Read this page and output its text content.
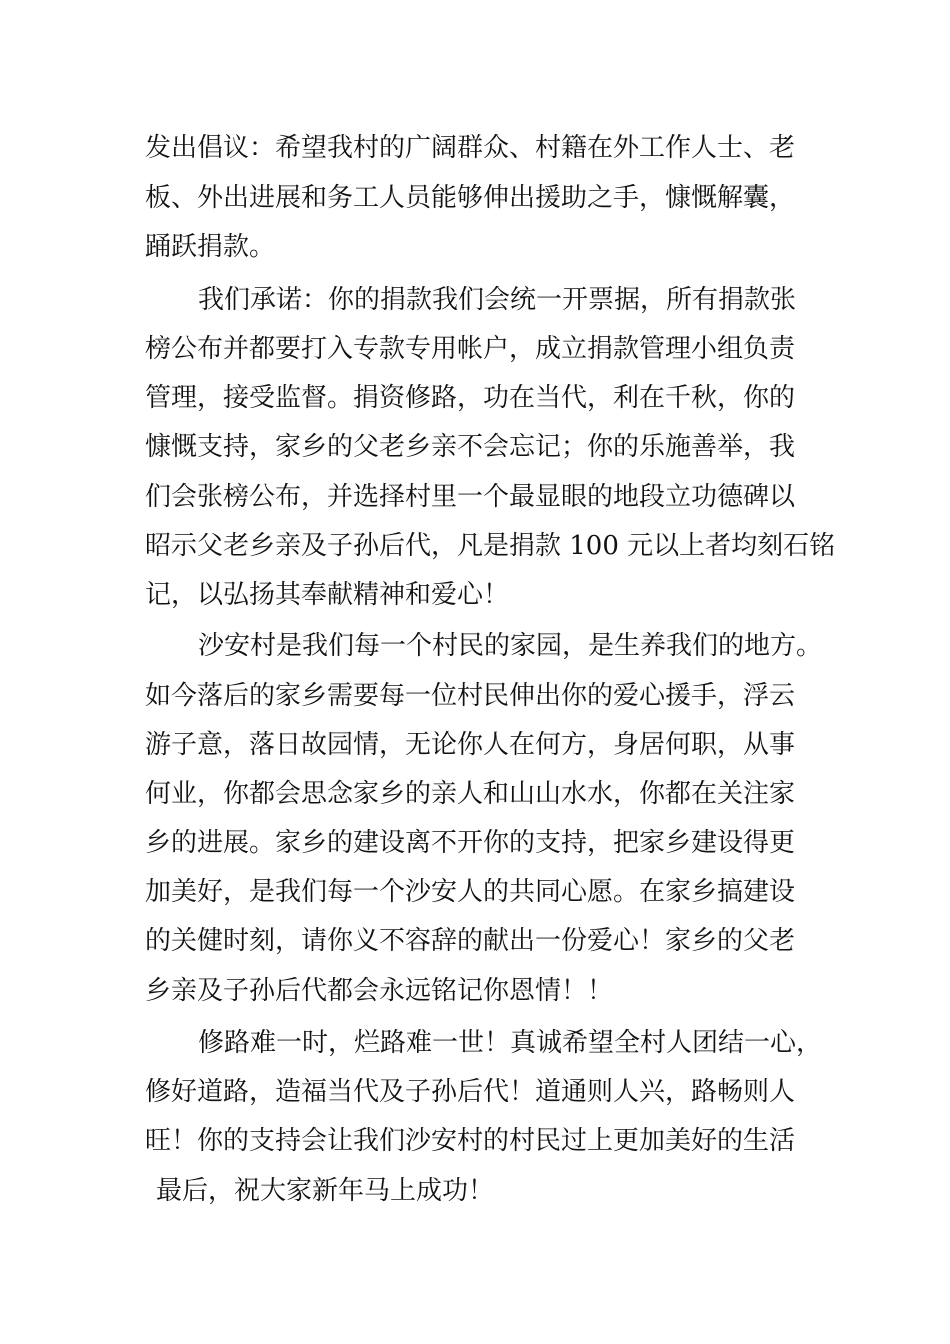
发出倡议：希望我村的广阔群众、村籍在外工作人士、老

板、外出进展和务工人员能够伸出援助之手，慷慨解囊，

踊跃捐款。

我们承诺：你的捐款我们会统一开票据，所有捐款张

榜公布并都要打入专款专用帐户，成立捐款管理小组负责

管理，接受监督。捐资修路，功在当代，利在千秋，你的

慷慨支持，家乡的父老乡亲不会忘记；你的乐施善举，我

们会张榜公布，并选择村里一个最显眼的地段立功德碑以

昭示父老乡亲及子孙后代，凡是捐款 100 元以上者均刻石铭

记，以弘扬其奉献精神和爱心！

沙安村是我们每一个村民的家园，是生养我们的地方。

如今落后的家乡需要每一位村民伸出你的爱心援手，浮云

游子意，落日故园情，无论你人在何方，身居何职，从事

何业，你都会思念家乡的亲人和山山水水，你都在关注家

乡的进展。家乡的建设离不开你的支持，把家乡建设得更

加美好，是我们每一个沙安人的共同心愿。在家乡搞建设

的关健时刻，请你义不容辞的献出一份爱心！家乡的父老

乡亲及子孙后代都会永远铭记你恩情！！

修路难一时，烂路难一世！真诚希望全村人团结一心，

修好道路，造福当代及子孙后代！道通则人兴，路畅则人

旺！你的支持会让我们沙安村的村民过上更加美好的生活

最后，祝大家新年马上成功！
